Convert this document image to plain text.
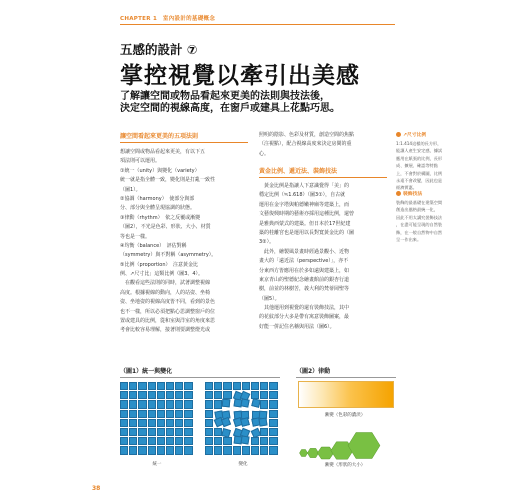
CHAPTER 1　室內設計的基礎概念
五感的設計 ⑦
掌控視覺以牽引出美感
了解讓空間或物品看起來更美的法則與技法後，
決定空間的視線高度，在窗戶或建具上花點巧思。
讓空間看起來更美的五項法則
想讓空間或物品看起來更美，有以下五
項法則可以運用。
①統一（unity）與變化（variety）
統一就是指全體一致，變化則是打亂一致性
（圖1）。
②協調（harmony）　使部分與部
分、部分與全體呈現協調的狀態。
③律動（rhythm）　依之反覆或漸變
（圖2），不光是色彩、形狀、大小、材質
等也是一樣。
④均衡（balance）　評估對稱
（symmetry）與不對稱（asymmetry）。
⑤比例（proportion）　注意黃金比
例、↗尺寸比」這類比例（圖3、4）。
　在觀看這些法則的同時，試著調整視線
高度。根據視線的動向，人的站姿、坐椅
姿、坐地姿的視線高度皆不同，看到的景色
也不一樣，所以必須把點心思調整窗戶的位
置或建具的比例，從和室與洋室的角度來思
考會比較容易理解，接著則要調整燈光或
照明的陰影、色彩及材質，創造空間的焦點
（注視點），配合視線高度來決定房間的重
心。
黃金比例、遞近法、裝飾技法
　黃金比例是指讓人下意識覺得「美」的
穩定比例（≒1.618）（圖3①），自古就
運用在金字塔與帕德嫩神廟等建築上，而
文藝復興時期的藝術亦採用這種比例，還曾
是雅典西蒙式的建築。但日本於17世紀建
築的桂離宮也是運用以長對寬黃金比的（圖
3②）。
　此外，繪製風景畫時經過景觀小、近物
畫大的「遠近法（perspective）」，亦不
分東西方皆應用在於多如遠與建築上，如
東京青山的聖德紀念繪畫館前的銀杏行道
樹，前並的林樹苦，義大利的梵蒂岡聖等
（圖5）。
　其他運用到視覺的還有裝飾技法，其中
的花紋部分大多是帶有寓意裝飾圖案，最
好能一併記住名稱與用法（圖6）。
↗尺寸比例
1:1.414這樣的長方形，
能讓人產生安定感，據試
應用在紙張的比例，長形
成、擴展、確認等特點
上，不會對於構圖，比例
永遠不會改變，因此也是
經濟實惠。
裝飾技法
裝飾的最基礎在建築空間
創造出風格最統一化，
因此不用太講究裝飾技法
，在盡可能呈現的自然裝
飾，在一般自然物中自然
呈一作出來。
（圖1）統一與變化
統一	變化
（圖2）律動
漸變（色彩的濃淡）
漸變（形狀的大小）
38
